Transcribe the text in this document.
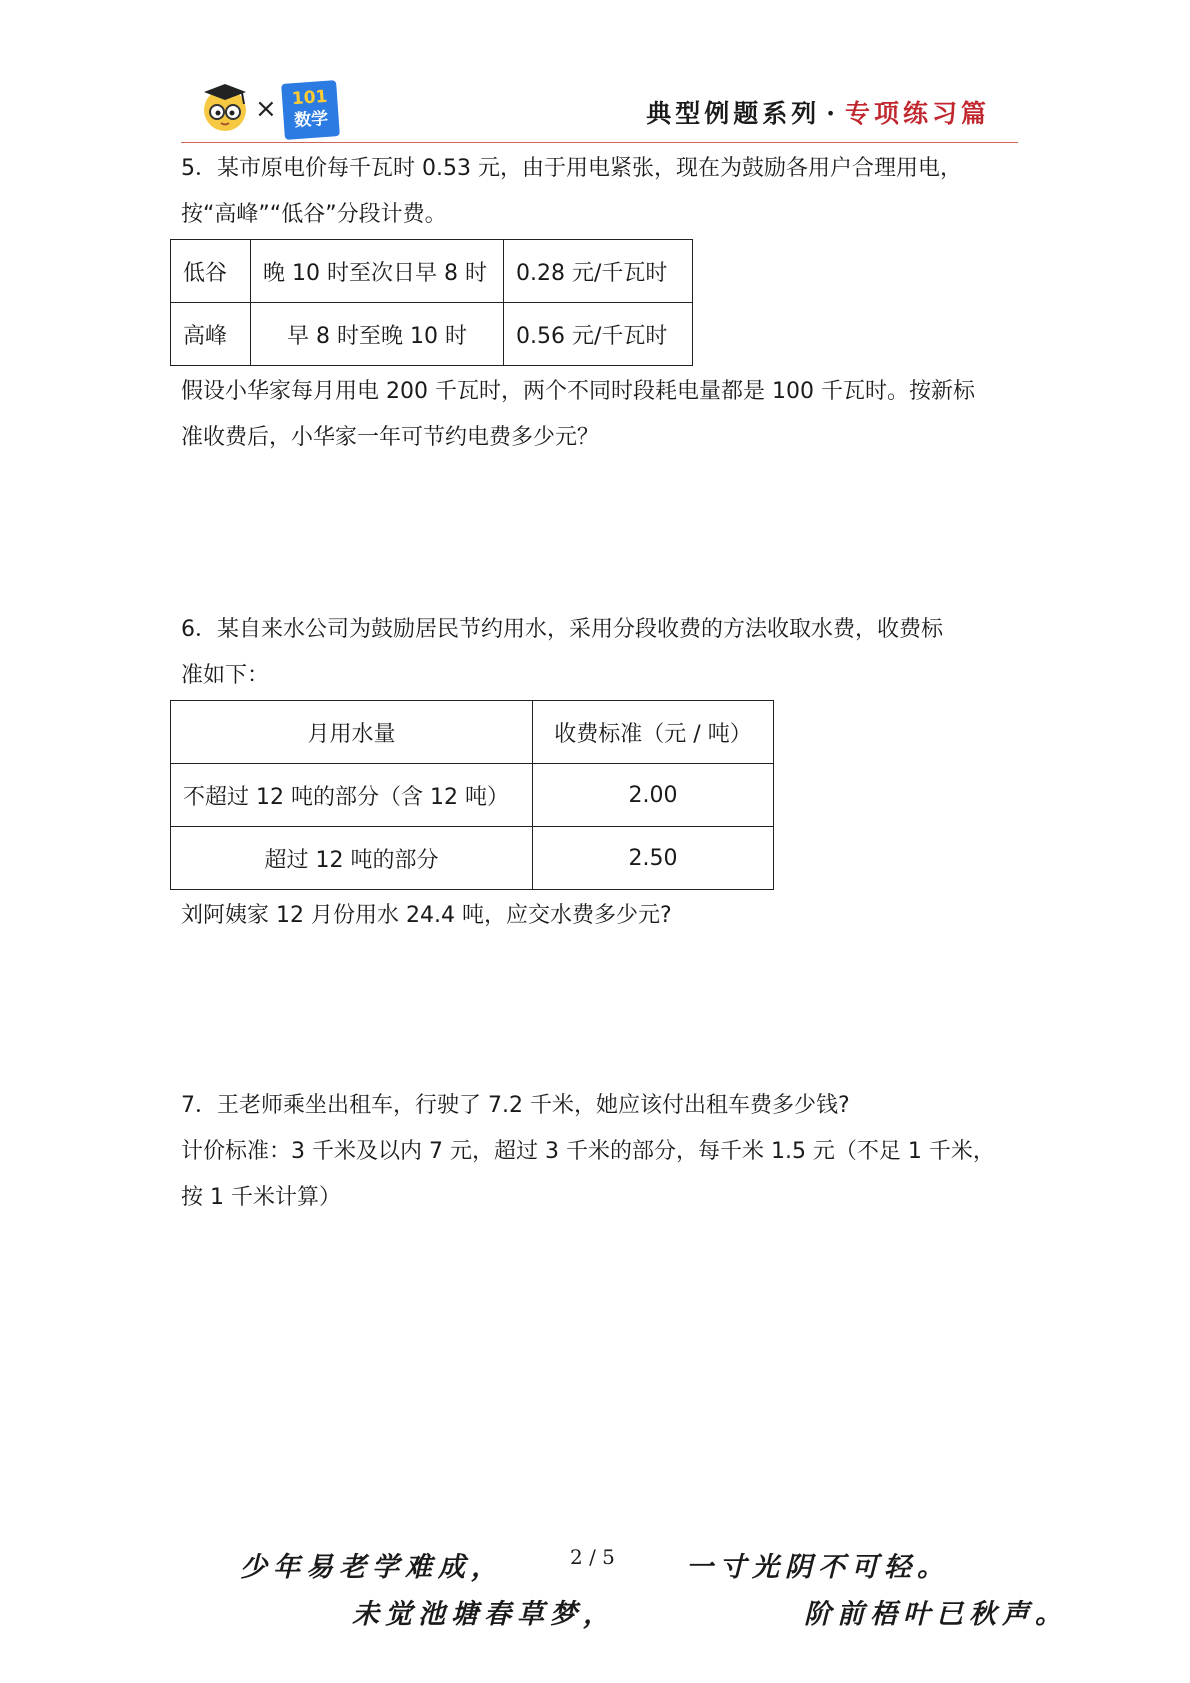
× 101
数学	典型例题系列 · 专项练习篇
5．某市原电价每千瓦时 0.53 元，由于用电紧张，现在为鼓励各用户合理用电，
按“高峰”“低谷”分段计费。
低谷	晚 10 时至次日早 8 时	0.28 元/千瓦时
高峰	早 8 时至晚 10 时	0.56 元/千瓦时
假设小华家每月用电 200 千瓦时，两个不同时段耗电量都是 100 千瓦时。按新标
准收费后，小华家一年可节约电费多少元？
6．某自来水公司为鼓励居民节约用水，采用分段收费的方法收取水费，收费标
准如下：
月用水量	收费标准（元 / 吨）
不超过 12 吨的部分（含 12 吨）	2.00
超过 12 吨的部分	2.50
刘阿姨家 12 月份用水 24.4 吨，应交水费多少元?
7．王老师乘坐出租车，行驶了 7.2 千米，她应该付出租车费多少钱?
计价标准：3 千米及以内 7 元，超过 3 千米的部分，每千米 1.5 元（不足 1 千米，
按 1 千米计算）
2 / 5
少年易老学难成，	一寸光阴不可轻。
未觉池塘春草梦，	阶前梧叶已秋声。
